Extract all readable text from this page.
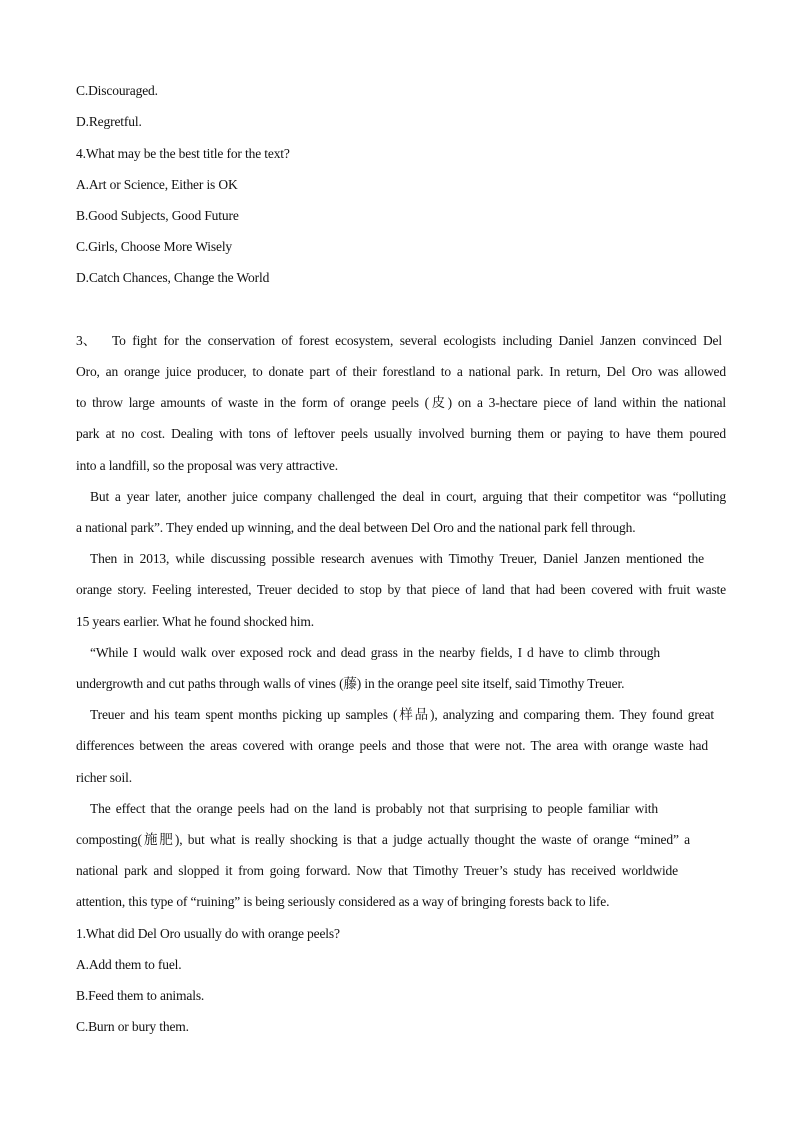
C.Discouraged.
D.Regretful.
4.What may be the best title for the text?
A.Art or Science, Either is OK
B.Good Subjects, Good Future
C.Girls, Choose More Wisely
D.Catch Chances, Change the World
3、 To fight for the conservation of forest ecosystem, several ecologists including Daniel Janzen convinced Del
Oro, an orange juice producer, to donate part of their forestland to a national park. In return, Del Oro was allowed
to throw large amounts of waste in the form of orange peels (皮) on a 3-hectare piece of land within the national
park at no cost. Dealing with tons of leftover peels usually involved burning them or paying to have them poured
into a landfill, so the proposal was very attractive.
But a year later, another juice company challenged the deal in court, arguing that their competitor was “polluting
a national park”. They ended up winning, and the deal between Del Oro and the national park fell through.
Then in 2013, while discussing possible research avenues with Timothy Treuer, Daniel Janzen mentioned the
orange story. Feeling interested, Treuer decided to stop by that piece of land that had been covered with fruit waste
15 years earlier. What he found shocked him.
“While I would walk over exposed rock and dead grass in the nearby fields, I d have to climb through
undergrowth and cut paths through walls of vines (藤) in the orange peel site itself, said Timothy Treuer.
Treuer and his team spent months picking up samples (样品), analyzing and comparing them. They found great
differences between the areas covered with orange peels and those that were not. The area with orange waste had
richer soil.
The effect that the orange peels had on the land is probably not that surprising to people familiar with
composting(施肥), but what is really shocking is that a judge actually thought the waste of orange “mined” a
national park and slopped it from going forward. Now that Timothy Treuer’s study has received worldwide
attention, this type of “ruining” is being seriously considered as a way of bringing forests back to life.
1.What did Del Oro usually do with orange peels?
A.Add them to fuel.
B.Feed them to animals.
C.Burn or bury them.
